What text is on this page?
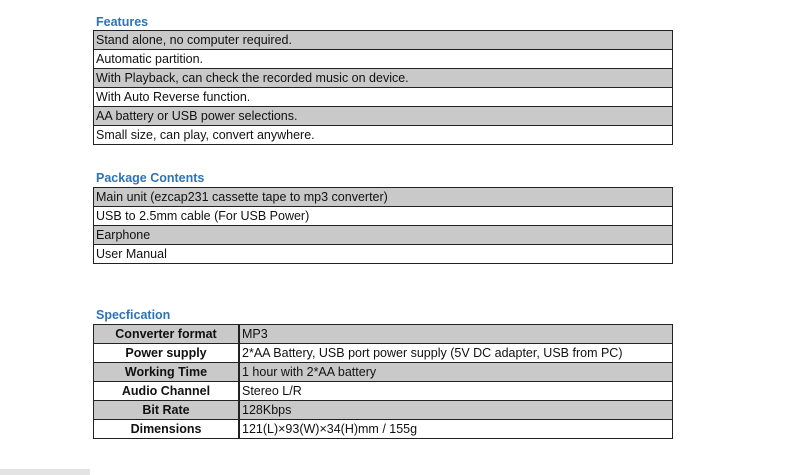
Features
Stand alone, no computer required.
Automatic partition.
With Playback, can check the recorded music on device.
With Auto Reverse function.
AA battery or USB power selections.
Small size, can play, convert anywhere.
Package Contents
Main unit (ezcap231 cassette tape to mp3 converter)
USB to 2.5mm cable (For USB Power)
Earphone
User Manual
Specfication
Converter format	MP3
Power supply	2*AA Battery, USB port power supply (5V DC adapter, USB from PC)
Working Time	1 hour with 2*AA battery
Audio Channel	Stereo L/R
Bit Rate	128Kbps
Dimensions	121(L)×93(W)×34(H)mm / 155g
